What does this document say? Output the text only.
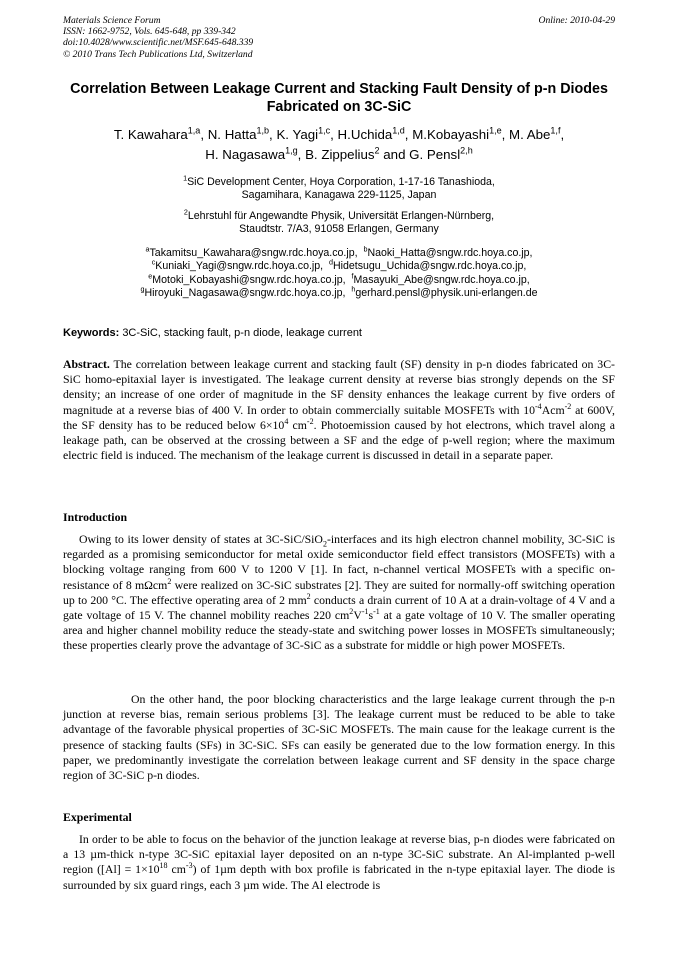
Materials Science Forum
ISSN: 1662-9752, Vols. 645-648, pp 339-342
doi:10.4028/www.scientific.net/MSF.645-648.339
© 2010 Trans Tech Publications Ltd, Switzerland
Online: 2010-04-29
Correlation Between Leakage Current and Stacking Fault Density of p-n Diodes Fabricated on 3C-SiC
T. Kawahara$^{1,a}$, N. Hatta$^{1,b}$, K. Yagi$^{1,c}$, H.Uchida$^{1,d}$, M.Kobayashi$^{1,e}$, M. Abe$^{1,f}$,
H. Nagasawa$^{1,g}$, B. Zippelius$^2$ and G. Pensl$^{2,h}$
$^1$SiC Development Center, Hoya Corporation, 1-17-16 Tanashioda,
Sagamihara, Kanagawa 229-1125, Japan
$^2$Lehrstuhl für Angewandte Physik, Universität Erlangen-Nürnberg,
Staudtstr. 7/A3, 91058 Erlangen, Germany
$^a$Takamitsu_Kawahara@sngw.rdc.hoya.co.jp, $^b$Naoki_Hatta@sngw.rdc.hoya.co.jp,
$^c$Kuniaki_Yagi@sngw.rdc.hoya.co.jp, $^d$Hidetsugu_Uchida@sngw.rdc.hoya.co.jp,
$^e$Motoki_Kobayashi@sngw.rdc.hoya.co.jp, $^f$Masayuki_Abe@sngw.rdc.hoya.co.jp,
$^g$Hiroyuki_Nagasawa@sngw.rdc.hoya.co.jp, $^h$gerhard.pensl@physik.uni-erlangen.de
Keywords: 3C-SiC, stacking fault, p-n diode, leakage current
Abstract. The correlation between leakage current and stacking fault (SF) density in p-n diodes fabricated on 3C-SiC homo-epitaxial layer is investigated. The leakage current density at reverse bias strongly depends on the SF density; an increase of one order of magnitude in the SF density enhances the leakage current by five orders of magnitude at a reverse bias of 400 V. In order to obtain commercially suitable MOSFETs with $10^{-4}Acm^{-2}$ at 600V, the SF density has to be reduced below $6\times 10^4$ $cm^{-2}$. Photoemission caused by hot electrons, which travel along a leakage path, can be observed at the crossing between a SF and the edge of p-well region; where the maximum electric field is induced. The mechanism of the leakage current is discussed in detail in a separate paper.
Introduction
Owing to its lower density of states at 3C-SiC/SiO$_2$-interfaces and its high electron channel mobility, 3C-SiC is regarded as a promising semiconductor for metal oxide semiconductor field effect transistors (MOSFETs) with a blocking voltage ranging from 600 V to 1200 V [1]. In fact, n-channel vertical MOSFETs with a specific on-resistance of 8 mΩcm$^2$ were realized on 3C-SiC substrates [2]. They are suited for normally-off switching operation up to 200 °C. The effective operating area of 2 $mm^2$ conducts a drain current of 10 A at a drain-voltage of 4 V and a gate voltage of 15 V. The channel mobility reaches 220 $cm^2V^{-1}s^{-1}$ at a gate voltage of 10 V. The smaller operating area and higher channel mobility reduce the steady-state and switching power losses in MOSFETs simultaneously; these properties clearly prove the advantage of 3C-SiC as a substrate for middle or high power MOSFETs.
On the other hand, the poor blocking characteristics and the large leakage current through the p-n junction at reverse bias, remain serious problems [3]. The leakage current must be reduced to be able to take advantage of the favorable physical properties of 3C-SiC MOSFETs. The main cause for the leakage current is the presence of stacking faults (SFs) in 3C-SiC. SFs can easily be generated due to the low formation energy. In this paper, we predominantly investigate the correlation between leakage current and SF density in the space charge region of 3C-SiC p-n diodes.
Experimental
In order to be able to focus on the behavior of the junction leakage at reverse bias, p-n diodes were fabricated on a 13 µm-thick n-type 3C-SiC epitaxial layer deposited on an n-type 3C-SiC substrate. An Al-implanted p-well region ($[Al] = 1\times 10^{18}$ $cm^{-3}$) of 1µm depth with box profile is fabricated in the n-type epitaxial layer. The diode is surrounded by six guard rings, each 3 µm wide. The Al electrode is
